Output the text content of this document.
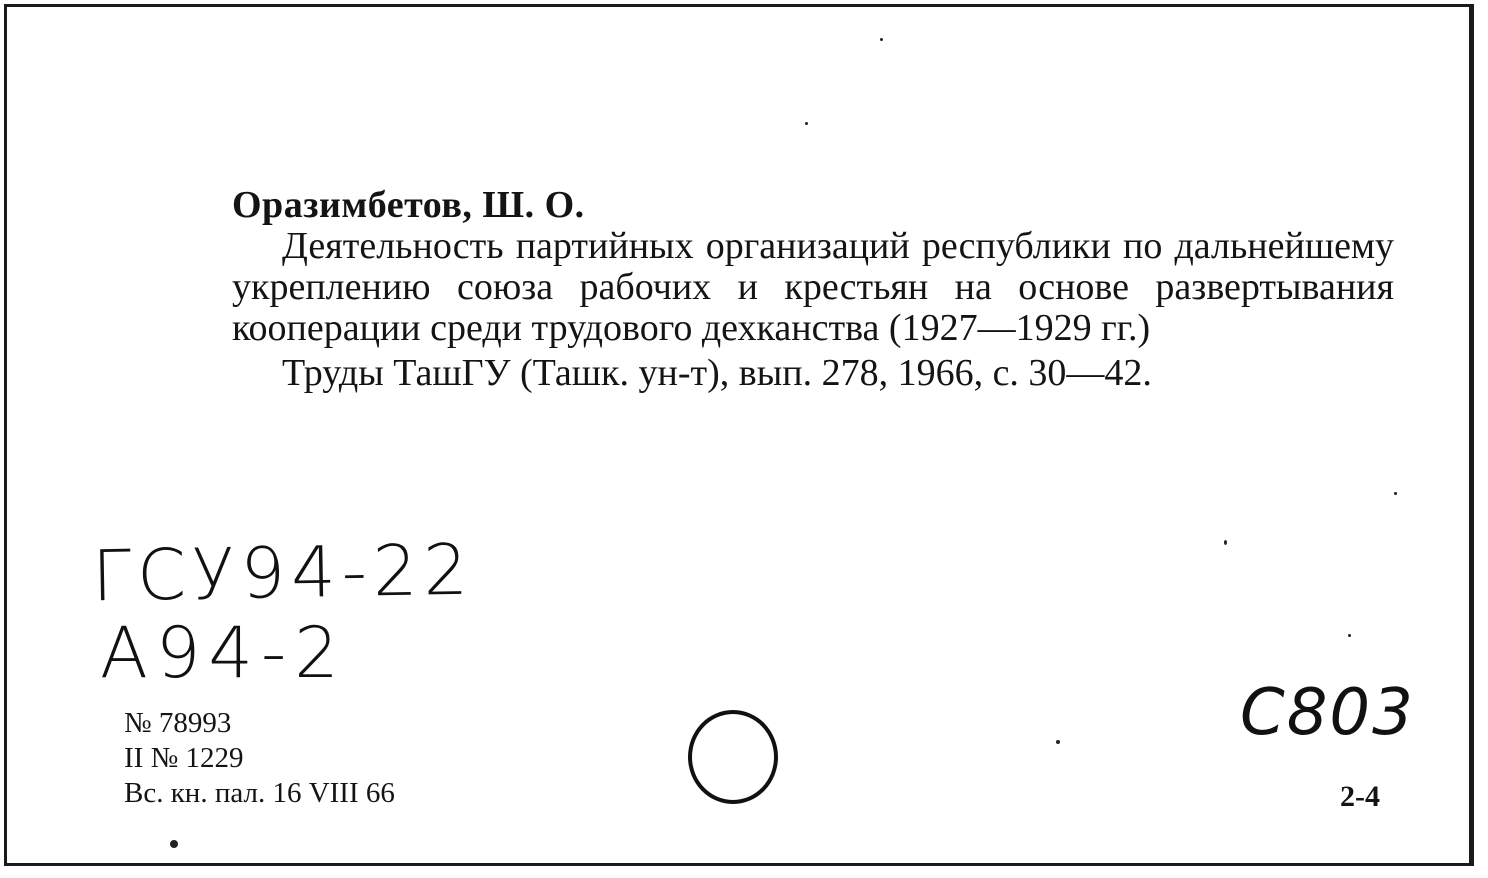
Оразимбетов, Ш. О.
Деятельность партийных организаций республики по дальнейшему укреплению союза рабочих и крестьян на основе развертывания кооперации среди трудового дехканства (1927—1929 гг.)
Труды ТашГУ (Ташк. ун-т), вып. 278, 1966, с. 30—42.
ГСУ94-22
А94-2
С803
№ 78993
II № 1229
Вс. кн. пал. 16 VIII 66	2-4
